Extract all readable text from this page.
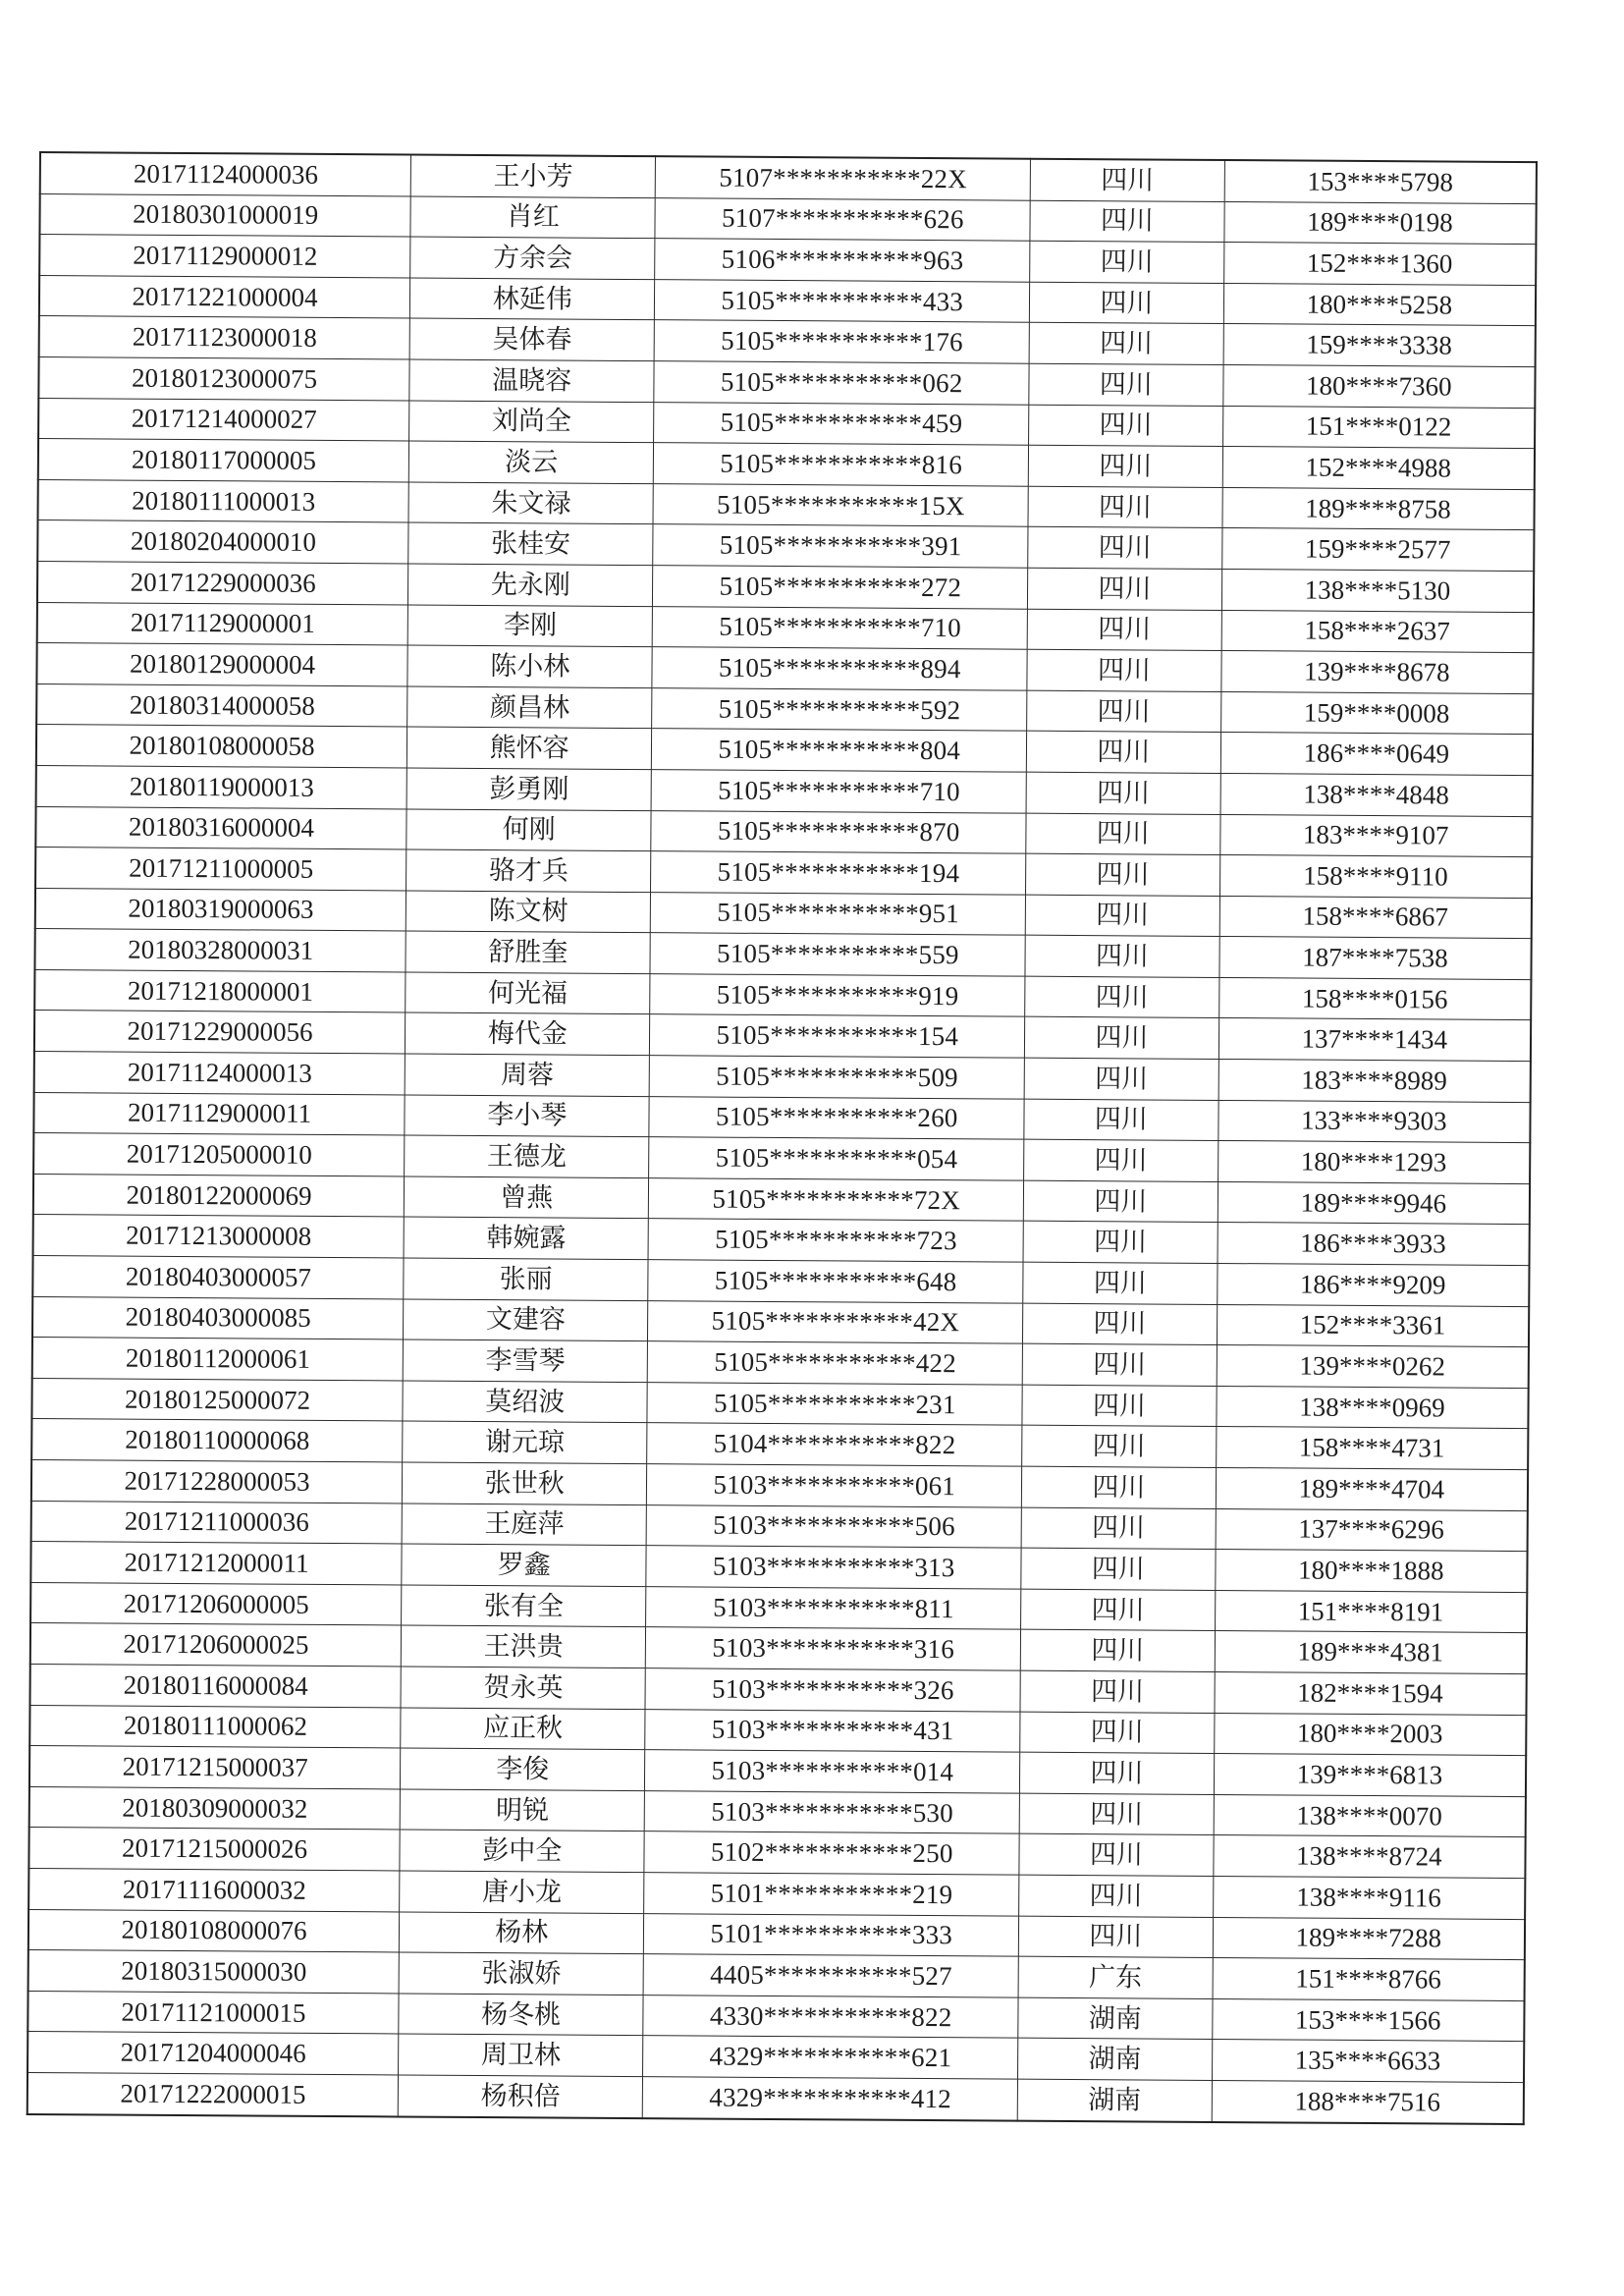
20171124000036	王小芳	5107***********22X	四川	153****5798
20180301000019	肖红	5107***********626	四川	189****0198
20171129000012	方余会	5106***********963	四川	152****1360
20171221000004	林延伟	5105***********433	四川	180****5258
20171123000018	吴体春	5105***********176	四川	159****3338
20180123000075	温晓容	5105***********062	四川	180****7360
20171214000027	刘尚全	5105***********459	四川	151****0122
20180117000005	淡云	5105***********816	四川	152****4988
20180111000013	朱文禄	5105***********15X	四川	189****8758
20180204000010	张桂安	5105***********391	四川	159****2577
20171229000036	先永刚	5105***********272	四川	138****5130
20171129000001	李刚	5105***********710	四川	158****2637
20180129000004	陈小林	5105***********894	四川	139****8678
20180314000058	颜昌林	5105***********592	四川	159****0008
20180108000058	熊怀容	5105***********804	四川	186****0649
20180119000013	彭勇刚	5105***********710	四川	138****4848
20180316000004	何刚	5105***********870	四川	183****9107
20171211000005	骆才兵	5105***********194	四川	158****9110
20180319000063	陈文树	5105***********951	四川	158****6867
20180328000031	舒胜奎	5105***********559	四川	187****7538
20171218000001	何光福	5105***********919	四川	158****0156
20171229000056	梅代金	5105***********154	四川	137****1434
20171124000013	周蓉	5105***********509	四川	183****8989
20171129000011	李小琴	5105***********260	四川	133****9303
20171205000010	王德龙	5105***********054	四川	180****1293
20180122000069	曾燕	5105***********72X	四川	189****9946
20171213000008	韩婉露	5105***********723	四川	186****3933
20180403000057	张丽	5105***********648	四川	186****9209
20180403000085	文建容	5105***********42X	四川	152****3361
20180112000061	李雪琴	5105***********422	四川	139****0262
20180125000072	莫绍波	5105***********231	四川	138****0969
20180110000068	谢元琼	5104***********822	四川	158****4731
20171228000053	张世秋	5103***********061	四川	189****4704
20171211000036	王庭萍	5103***********506	四川	137****6296
20171212000011	罗鑫	5103***********313	四川	180****1888
20171206000005	张有全	5103***********811	四川	151****8191
20171206000025	王洪贵	5103***********316	四川	189****4381
20180116000084	贺永英	5103***********326	四川	182****1594
20180111000062	应正秋	5103***********431	四川	180****2003
20171215000037	李俊	5103***********014	四川	139****6813
20180309000032	明锐	5103***********530	四川	138****0070
20171215000026	彭中全	5102***********250	四川	138****8724
20171116000032	唐小龙	5101***********219	四川	138****9116
20180108000076	杨林	5101***********333	四川	189****7288
20180315000030	张淑娇	4405***********527	广东	151****8766
20171121000015	杨冬桃	4330***********822	湖南	153****1566
20171204000046	周卫林	4329***********621	湖南	135****6633
20171222000015	杨积倍	4329***********412	湖南	188****7516
